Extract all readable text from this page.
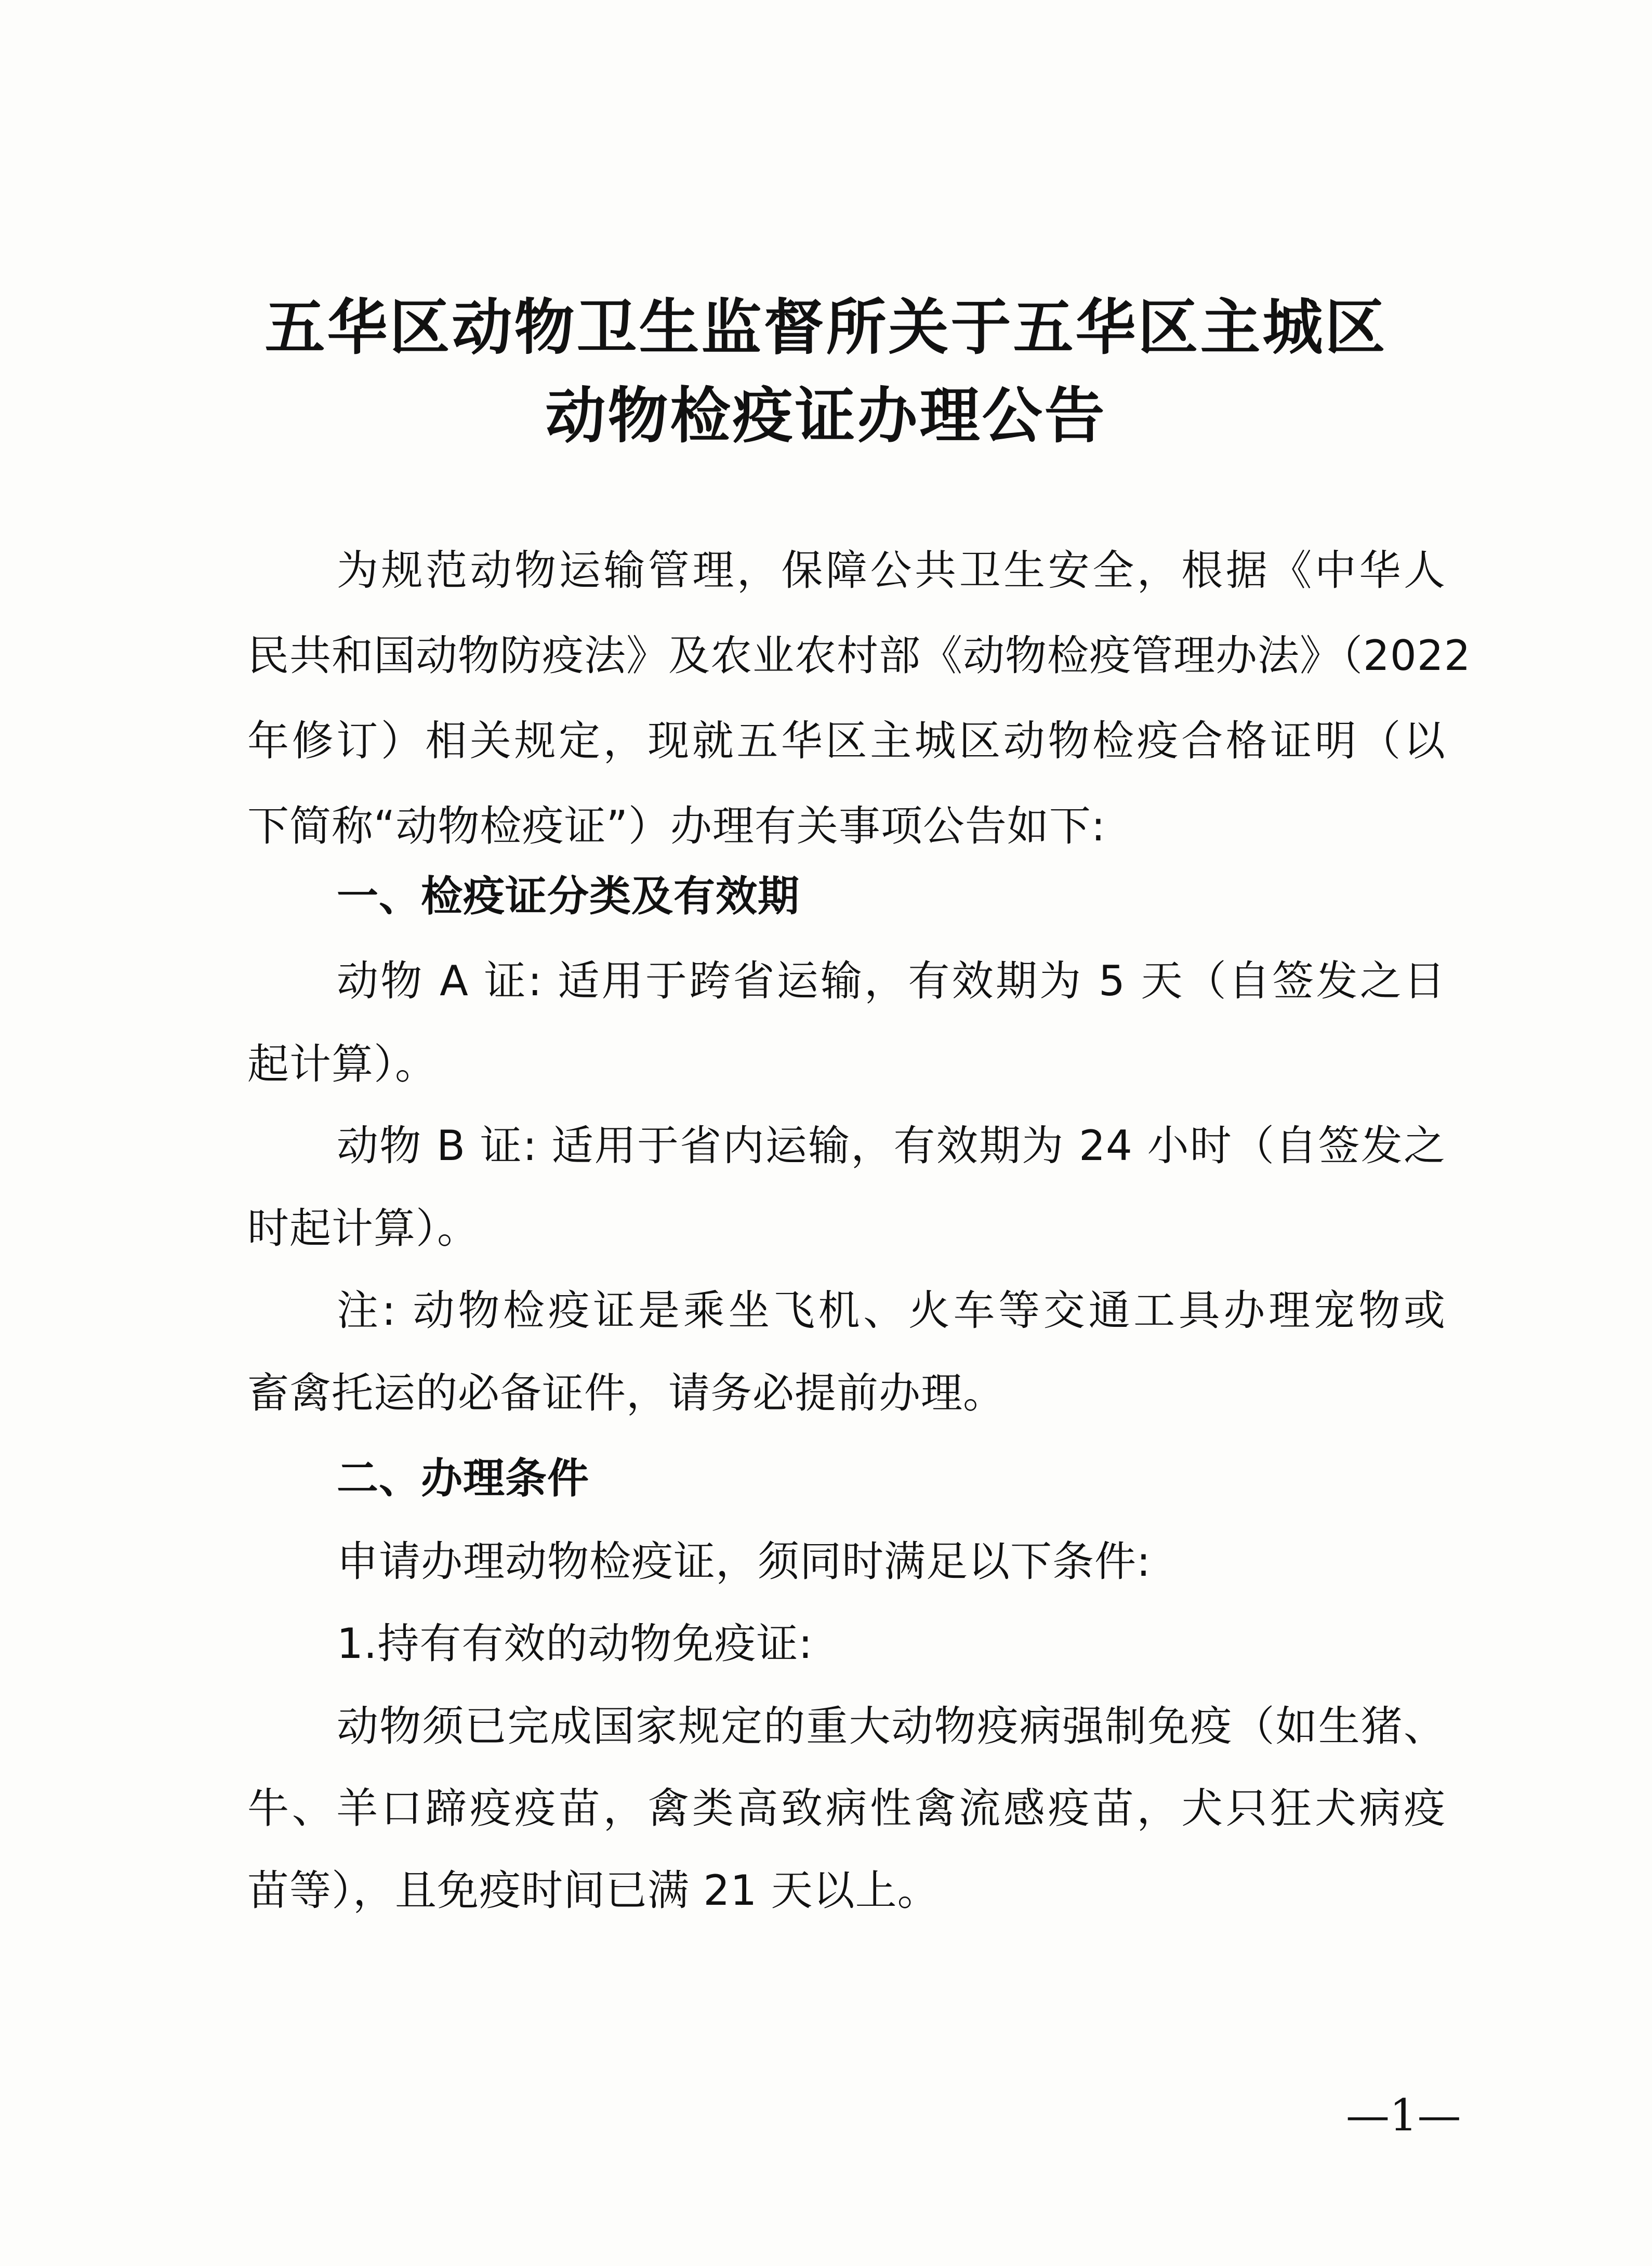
五华区动物卫生监督所关于五华区主城区
动物检疫证办理公告
为规范动物运输管理，保障公共卫生安全，根据《中华人
民共和国动物防疫法》及农业农村部《动物检疫管理办法》（2022
年修订）相关规定，现就五华区主城区动物检疫合格证明（以
下简称“动物检疫证”）办理有关事项公告如下:
一、检疫证分类及有效期
动物 A 证: 适用于跨省运输，有效期为 5 天（自签发之日
起计算）。
动物 B 证: 适用于省内运输，有效期为 24 小时（自签发之
时起计算）。
注: 动物检疫证是乘坐飞机、火车等交通工具办理宠物或
畜禽托运的必备证件，请务必提前办理。
二、办理条件
申请办理动物检疫证，须同时满足以下条件:
1.持有有效的动物免疫证:
动物须已完成国家规定的重大动物疫病强制免疫（如生猪、
牛、羊口蹄疫疫苗，禽类高致病性禽流感疫苗，犬只狂犬病疫
苗等），且免疫时间已满 21 天以上。
—1—
